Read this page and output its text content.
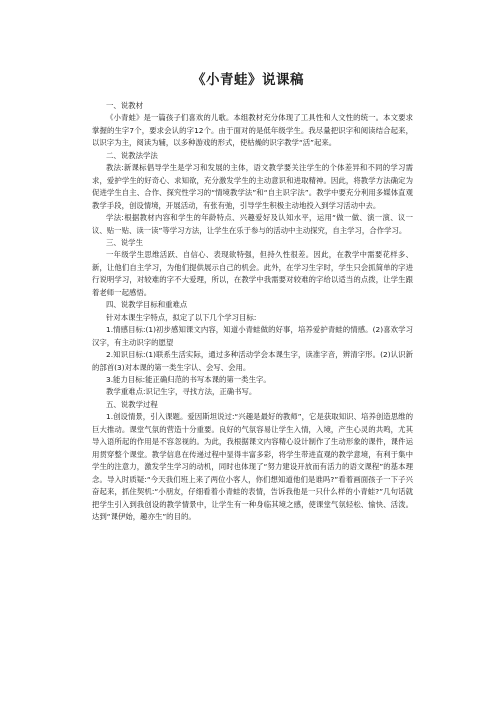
《小青蛙》说课稿

一、说教材

《小青蛙》是一篇孩子们喜欢的儿歌。本组教材充分体现了工具性和人文性的统一。本文要求掌握的生字7个，要求会认的字12个。由于面对的是低年级学生。我尽量把识字和阅读结合起来，以识字为主，阅读为辅，以多种游戏的形式，使枯燥的识字教学“活”起来。

二、说教法学法

教法:新课标倡导学生是学习和发展的主体，语文教学要关注学生的个体差异和不同的学习需求，爱护学生的好奇心、求知欲，充分激发学生的主动意识和进取精神。因此，将教学方法确定为促进学生自主、合作、探究性学习的“情境教学法”和“自主识字法”。教学中要充分利用多媒体直观教学手段，创设情境，开展活动，有张有弛，引导学生积极主动地投入到学习活动中去。

学法:根据教材内容和学生的年龄特点、兴趣爱好及认知水平，运用“做一做、演一演、议一议、贴一贴、读一读”等学习方法，让学生在乐于参与的活动中主动探究，自主学习，合作学习。

三、说学生

一年级学生思维活跃、自信心、表现欲特强，但持久性很差。因此，在教学中需要花样多、新，让他们自主学习，为他们提供展示自己的机会。此外，在学习生字时，学生只会抓简单的字进行说明学习，对较难的字不大爱理，所以，在教学中我需要对较难的字给以适当的点拨，让学生跟着老师一起感悟。

四、说教学目标和重难点

针对本课生字特点，拟定了以下几个学习目标:

1.情感目标:(1)初步感知课文内容，知道小青蛙做的好事，培养爱护青蛙的情感。(2)喜欢学习汉字，有主动识字的愿望

2.知识目标:(1)联系生活实际，通过多种活动学会本课生字，读准字音，辨清字形。(2)认识新的部首(3)对本课的第一类生字认、会写、会用。

3.能力目标:能正确归范的书写本课的第一类生字。

教学重难点:识记生字，寻找方法，正确书写。

五、说教学过程

1.创设情景，引入课题。爱因斯坦说过:“兴趣是最好的教师”，它是获取知识、培养创造思维的巨大推动。课堂气氛的营造十分重要。良好的气氛容易让学生入情，入境，产生心灵的共鸣，尤其导入语所起的作用是不容忽视的。为此，我根据课文内容精心设计制作了生动形象的课件，课件运用贯穿整个课堂。教学信息在传递过程中显得丰富多彩，将学生带进直观的教学意境，有利于集中学生的注意力，激发学生学习的动机，同时也体现了“努力建设开放而有活力的语文课程”的基本理念。导入时质疑:“今天我们班上来了两位小客人，你们想知道他们是谁吗?”看着画面孩子一下子兴奋起来，抓住契机:“小朋友，仔细看着小青蛙的表情，告诉我他是一只什么样的小青蛙?”几句话就把学生引入到我创设的教学情景中，让学生有一种身临其境之感，使课堂气氛轻松、愉快、活泼。达到“课伊始，趣亦生”的目的。
